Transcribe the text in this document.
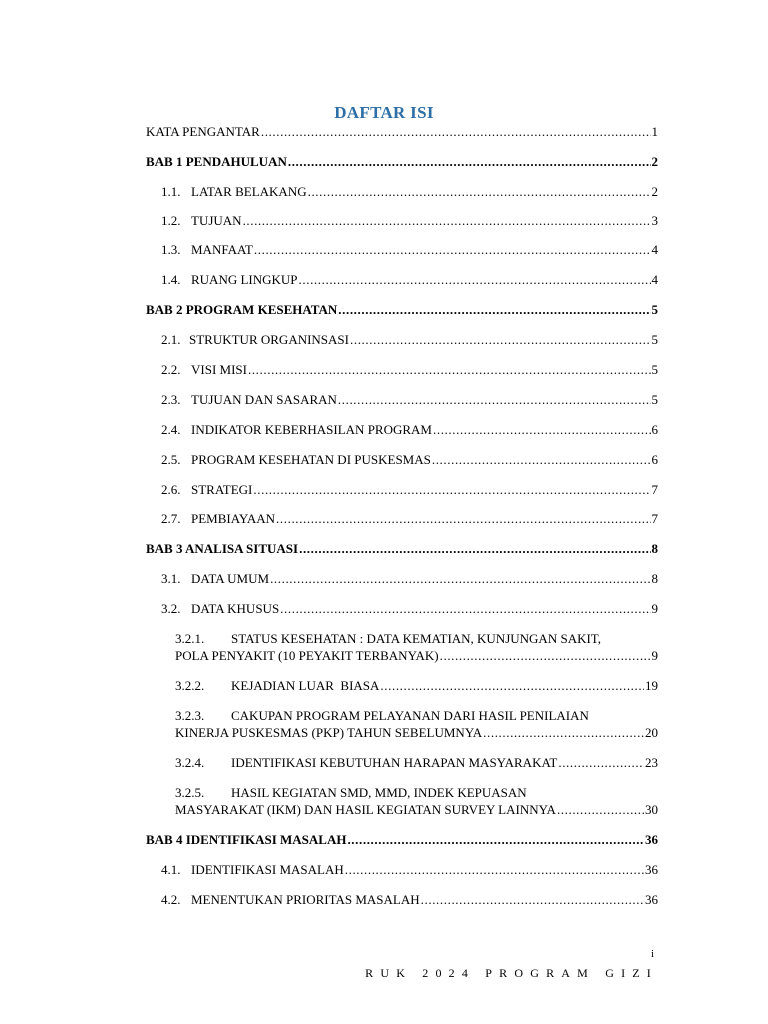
DAFTAR ISI
KATA PENGANTAR .....	1
BAB 1 PENDAHULUAN .....	2
1.1. LATAR BELAKANG .....	2
1.2. TUJUAN .....	3
1.3. MANFAAT .....	4
1.4. RUANG LINGKUP .....	4
BAB 2 PROGRAM KESEHATAN .....	5
2.1. STRUKTUR ORGANINSASI .....	5
2.2. VISI MISI .....	5
2.3. TUJUAN DAN SASARAN .....	5
2.4. INDIKATOR KEBERHASILAN PROGRAM .....	6
2.5. PROGRAM KESEHATAN DI PUSKESMAS .....	6
2.6. STRATEGI .....	7
2.7. PEMBIAYAAN .....	7
BAB 3 ANALISA SITUASI .....	8
3.1. DATA UMUM .....	8
3.2. DATA KHUSUS .....	9
3.2.1. STATUS KESEHATAN : DATA KEMATIAN, KUNJUNGAN SAKIT,
POLA PENYAKIT (10 PEYAKIT TERBANYAK) .....	9
3.2.2.	KEJADIAN LUAR  BIASA .....	19
3.2.3. CAKUPAN PROGRAM PELAYANAN DARI HASIL PENILAIAN
KINERJA PUSKESMAS (PKP) TAHUN SEBELUMNYA .....	20
3.2.4.	IDENTIFIKASI KEBUTUHAN HARAPAN MASYARAKAT .....	23
3.2.5. HASIL KEGIATAN SMD, MMD, INDEK KEPUASAN
MASYARAKAT (IKM) DAN HASIL KEGIATAN SURVEY LAINNYA .....	30
BAB 4 IDENTIFIKASI MASALAH .....	36
4.1. IDENTIFIKASI MASALAH .....	36
4.2. MENENTUKAN PRIORITAS MASALAH .....	36
i
RUK 2024 PROGRAM GIZI
